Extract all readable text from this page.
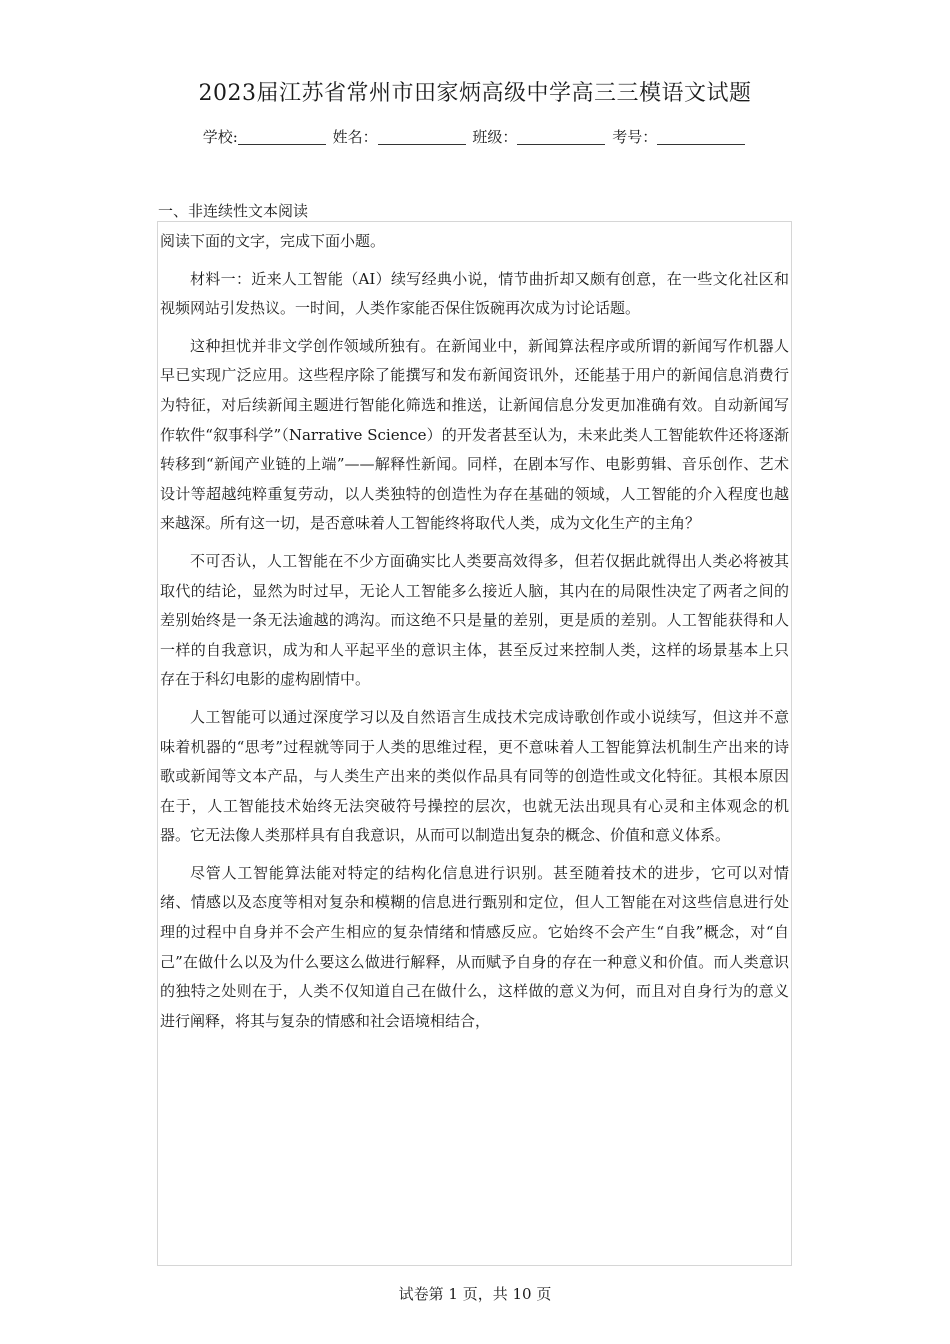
2023届江苏省常州市田家炳高级中学高三三模语文试题
学校:	姓名：	班级：	考号：
一、非连续性文本阅读

阅读下面的文字，完成下面小题。

材料一：近来人工智能（AI）续写经典小说，情节曲折却又颇有创意，在一些文化社区和视频网站引发热议。一时间，人类作家能否保住饭碗再次成为讨论话题。

这种担忧并非文学创作领域所独有。在新闻业中，新闻算法程序或所谓的新闻写作机器人早已实现广泛应用。这些程序除了能撰写和发布新闻资讯外，还能基于用户的新闻信息消费行为特征，对后续新闻主题进行智能化筛选和推送，让新闻信息分发更加准确有效。自动新闻写作软件“叙事科学”（Narrative Science）的开发者甚至认为，未来此类人工智能软件还将逐渐转移到“新闻产业链的上端”——解释性新闻。同样，在剧本写作、电影剪辑、音乐创作、艺术设计等超越纯粹重复劳动，以人类独特的创造性为存在基础的领域，人工智能的介入程度也越来越深。所有这一切，是否意味着人工智能终将取代人类，成为文化生产的主角？

不可否认，人工智能在不少方面确实比人类要高效得多，但若仅据此就得出人类必将被其取代的结论，显然为时过早，无论人工智能多么接近人脑，其内在的局限性决定了两者之间的差别始终是一条无法逾越的鸿沟。而这绝不只是量的差别，更是质的差别。人工智能获得和人一样的自我意识，成为和人平起平坐的意识主体，甚至反过来控制人类，这样的场景基本上只存在于科幻电影的虚构剧情中。

人工智能可以通过深度学习以及自然语言生成技术完成诗歌创作或小说续写，但这并不意味着机器的“思考”过程就等同于人类的思维过程，更不意味着人工智能算法机制生产出来的诗歌或新闻等文本产品，与人类生产出来的类似作品具有同等的创造性或文化特征。其根本原因在于，人工智能技术始终无法突破符号操控的层次，也就无法出现具有心灵和主体观念的机器。它无法像人类那样具有自我意识，从而可以制造出复杂的概念、价值和意义体系。

尽管人工智能算法能对特定的结构化信息进行识别。甚至随着技术的进步，它可以对情绪、情感以及态度等相对复杂和模糊的信息进行甄别和定位，但人工智能在对这些信息进行处理的过程中自身并不会产生相应的复杂情绪和情感反应。它始终不会产生“自我”概念，对“自己”在做什么以及为什么要这么做进行解释，从而赋予自身的存在一种意义和价值。而人类意识的独特之处则在于，人类不仅知道自己在做什么，这样做的意义为何，而且对自身行为的意义进行阐释，将其与复杂的情感和社会语境相结合，

试卷第 1 页，共 10 页
